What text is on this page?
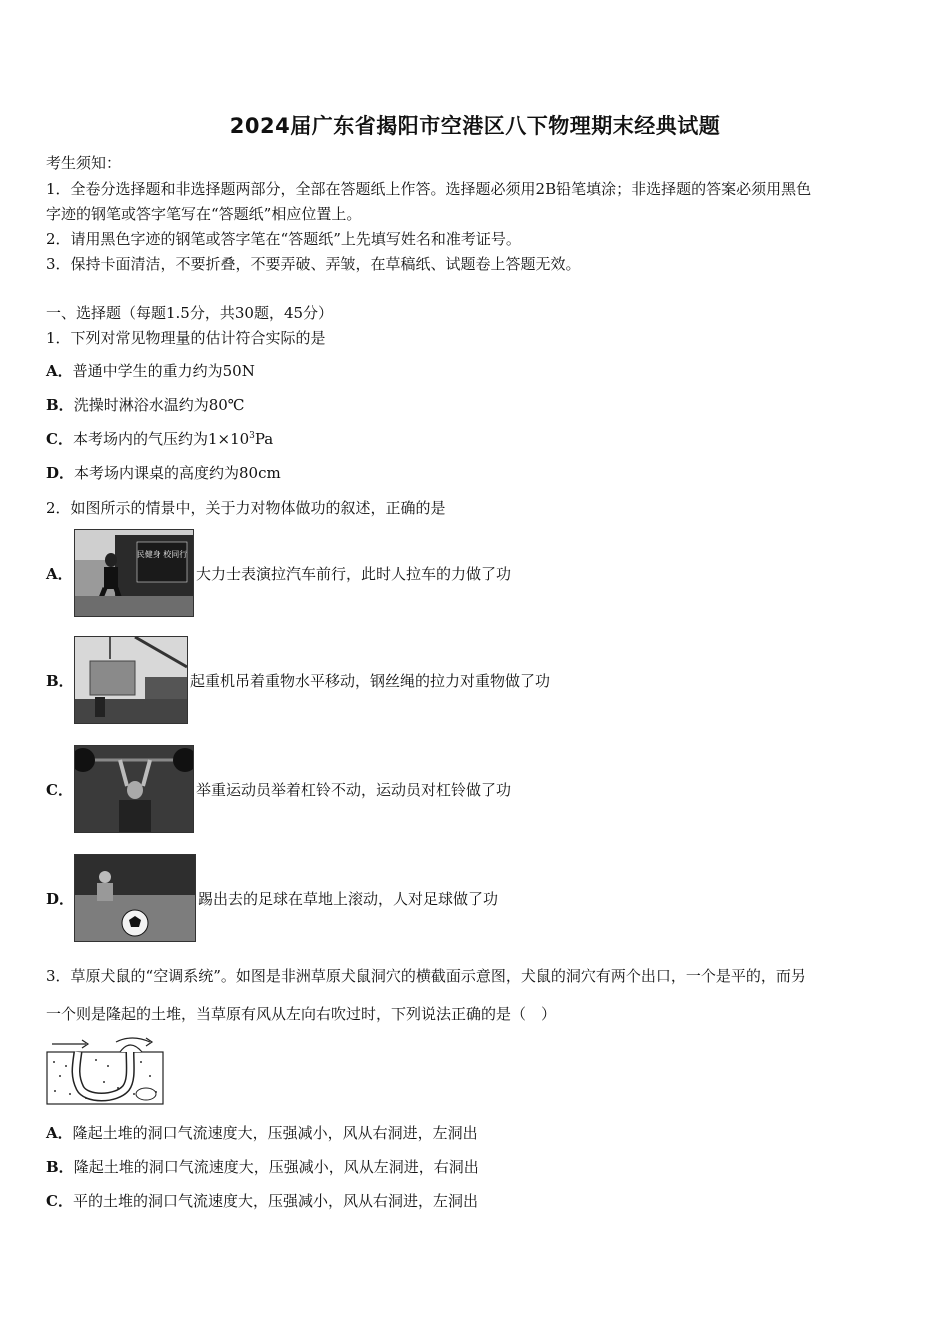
2024届广东省揭阳市空港区八下物理期末经典试题
考生须知：
1．全卷分选择题和非选择题两部分，全部在答题纸上作答。选择题必须用2B铅笔填涂；非选择题的答案必须用黑色
字迹的钢笔或答字笔写在“答题纸”相应位置上。
2．请用黑色字迹的钢笔或答字笔在“答题纸”上先填写姓名和准考证号。
3．保持卡面清洁，不要折叠，不要弄破、弄皱，在草稿纸、试题卷上答题无效。
一、选择题（每题1.5分，共30题，45分）
1．下列对常见物理量的估计符合实际的是
A．普通中学生的重力约为50N
B．洗操时淋浴水温约为80℃
C．本考场内的气压约为$1\times 10^3Pa$
D．本考场内课桌的高度约为80cm
2．如图所示的情景中，关于力对物体做功的叙述，正确的是
A．
民健身 校同行
大力士表演拉汽车前行，此时人拉车的力做了功
B．	起重机吊着重物水平移动，钢丝绳的拉力对重物做了功
C．	举重运动员举着杠铃不动，运动员对杠铃做了功
D．	踢出去的足球在草地上滚动，人对足球做了功
3．草原犬鼠的“空调系统”。如图是非洲草原犬鼠洞穴的横截面示意图，犬鼠的洞穴有两个出口，一个是平的，而另
一个则是隆起的土堆，当草原有风从左向右吹过时，下列说法正确的是（　）
A．隆起土堆的洞口气流速度大，压强减小，风从右洞进，左洞出
B．隆起土堆的洞口气流速度大，压强减小，风从左洞进，右洞出
C．平的土堆的洞口气流速度大，压强减小，风从右洞进，左洞出
